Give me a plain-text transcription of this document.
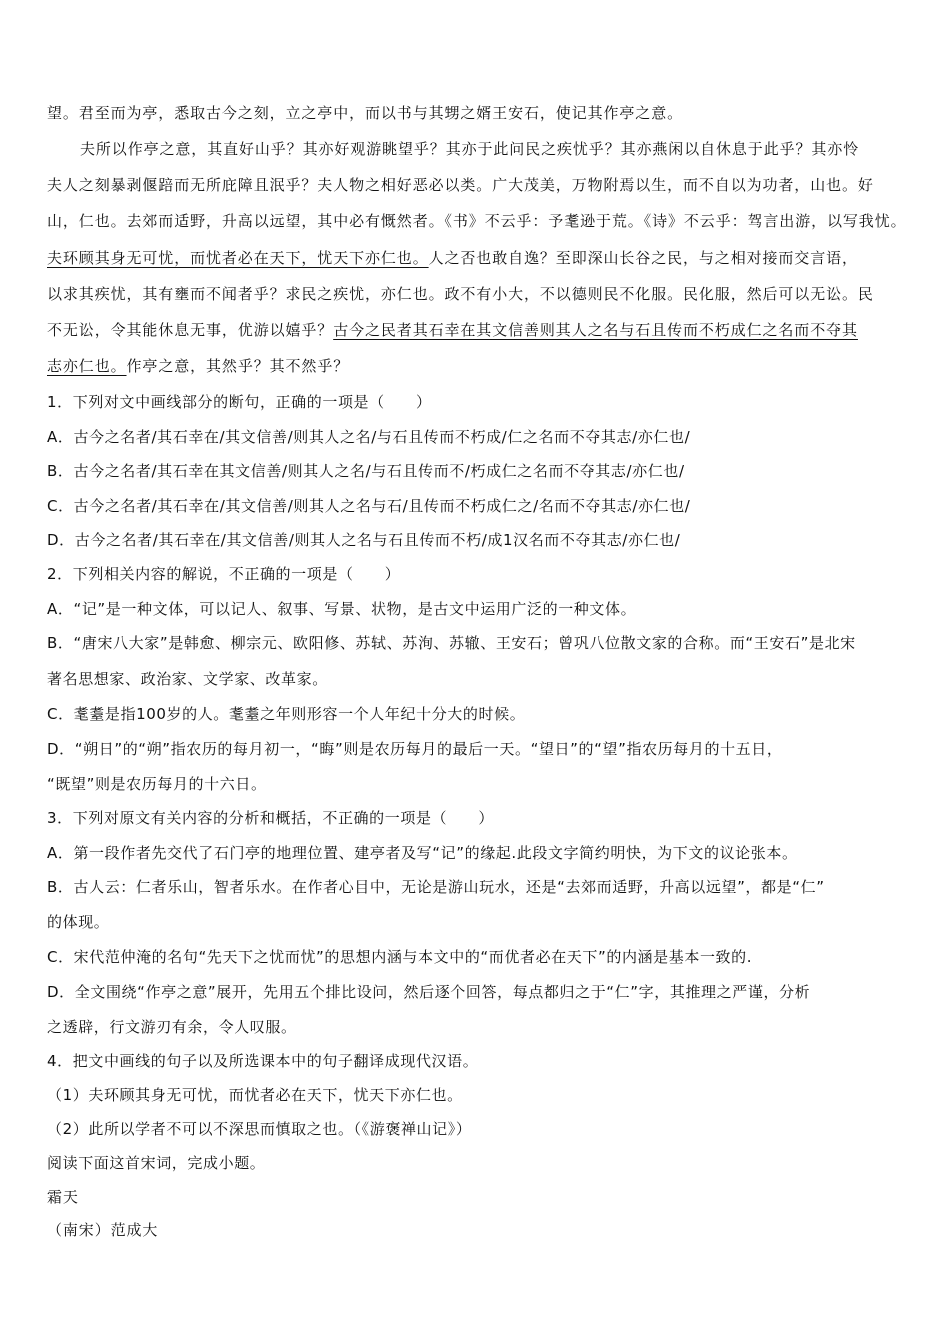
望。君至而为亭，悉取古今之刻，立之亭中，而以书与其甥之婿王安石，使记其作亭之意。
夫所以作亭之意，其直好山乎？其亦好观游眺望乎？其亦于此问民之疾忧乎？其亦燕闲以自休息于此乎？其亦怜
夫人之刻暴剥偃踣而无所庇障且泯乎？夫人物之相好恶必以类。广大茂美，万物附焉以生，而不自以为功者，山也。好
山，仁也。去郊而适野，升高以远望，其中必有慨然者。《书》不云乎：予耄逊于荒。《诗》不云乎：驾言出游，以写我忧。
夫环顾其身无可忧，而忧者必在天下，忧天下亦仁也。人之否也敢自逸？至即深山长谷之民，与之相对接而交言语，
以求其疾忧，其有壅而不闻者乎？求民之疾忧，亦仁也。政不有小大，不以德则民不化服。民化服，然后可以无讼。民
不无讼，令其能休息无事，优游以嬉乎？古今之民者其石幸在其文信善则其人之名与石且传而不朽成仁之名而不夺其
志亦仁也。作亭之意，其然乎？其不然乎？
1．下列对文中画线部分的断句，正确的一项是（　　）
A．古今之名者/其石幸在/其文信善/则其人之名/与石且传而不朽成/仁之名而不夺其志/亦仁也/
B．古今之名者/其石幸在其文信善/则其人之名/与石且传而不/朽成仁之名而不夺其志/亦仁也/
C．古今之名者/其石幸在/其文信善/则其人之名与石/且传而不朽成仁之/名而不夺其志/亦仁也/
D．古今之名者/其石幸在/其文信善/则其人之名与石且传而不朽/成1汉名而不夺其志/亦仁也/
2．下列相关内容的解说，不正确的一项是（　　）
A．“记”是一种文体，可以记人、叙事、写景、状物，是古文中运用广泛的一种文体。
B．“唐宋八大家”是韩愈、柳宗元、欧阳修、苏轼、苏洵、苏辙、王安石；曾巩八位散文家的合称。而“王安石”是北宋
著名思想家、政治家、文学家、改革家。
C．耄耋是指100岁的人。耄耋之年则形容一个人年纪十分大的时候。
D．“朔日”的“朔”指农历的每月初一，“晦”则是农历每月的最后一天。“望日”的“望”指农历每月的十五日，
“既望”则是农历每月的十六日。
3．下列对原文有关内容的分析和概括，不正确的一项是（　　）
A．第一段作者先交代了石门亭的地理位置、建亭者及写“记”的缘起.此段文字简约明快，为下文的议论张本。
B．古人云：仁者乐山，智者乐水。在作者心目中，无论是游山玩水，还是“去郊而适野，升高以远望”，都是“仁”
的体现。
C．宋代范仲淹的名句“先天下之忧而忧”的思想内涵与本文中的“而优者必在天下”的内涵是基本一致的.
D．全文围绕“作亭之意”展开，先用五个排比设问，然后逐个回答，每点都归之于“仁”字，其推理之严谨，分析
之透辟，行文游刃有余，令人叹服。
4．把文中画线的句子以及所选课本中的句子翻译成现代汉语。
（1）夫环顾其身无可忧，而忧者必在天下，忧天下亦仁也。
（2）此所以学者不可以不深思而慎取之也。（《游褒禅山记》）
阅读下面这首宋词，完成小题。
霜天
（南宋）范成大
